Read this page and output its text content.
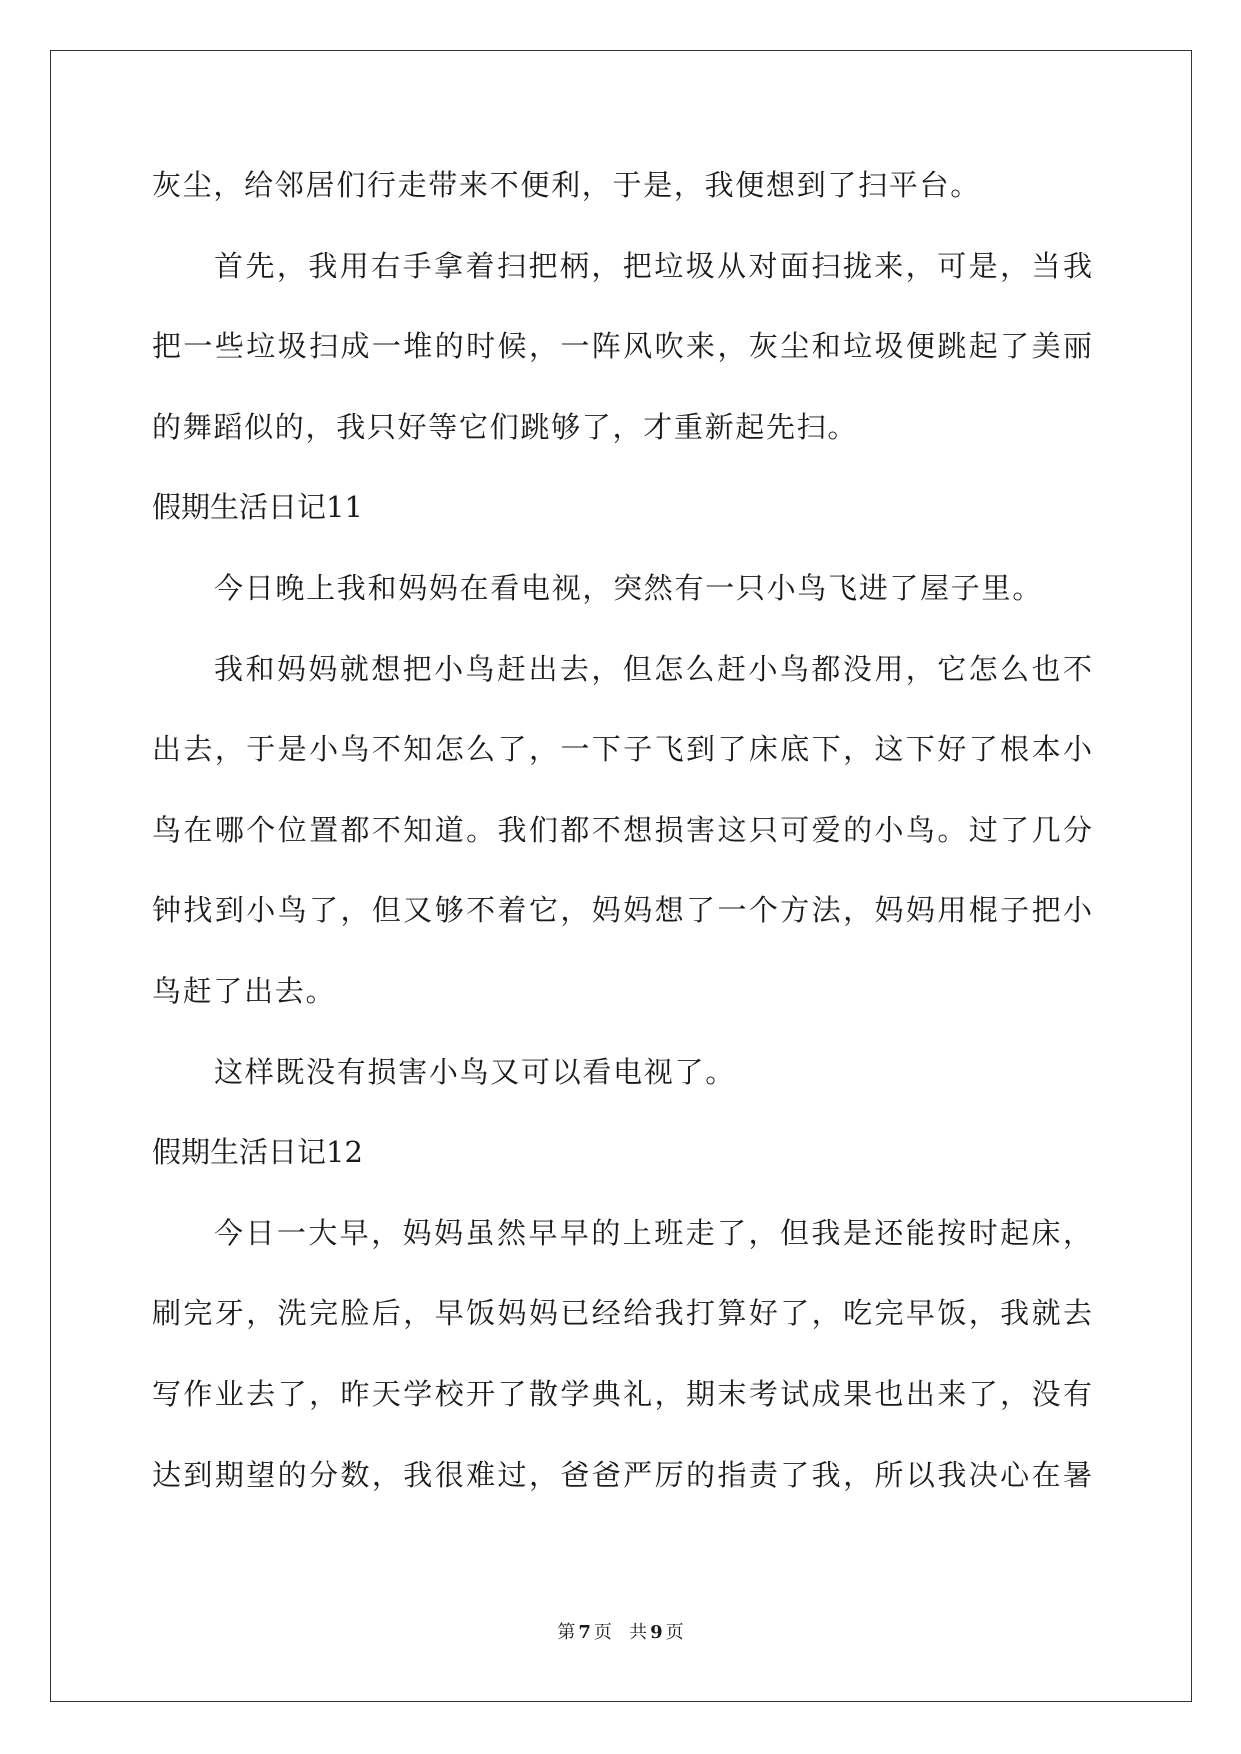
灰尘，给邻居们行走带来不便利，于是，我便想到了扫平台。
首先，我用右手拿着扫把柄，把垃圾从对面扫拢来，可是，当我
把一些垃圾扫成一堆的时候，一阵风吹来，灰尘和垃圾便跳起了美丽
的舞蹈似的，我只好等它们跳够了，才重新起先扫。
假期生活日记11
今日晚上我和妈妈在看电视，突然有一只小鸟飞进了屋子里。
我和妈妈就想把小鸟赶出去，但怎么赶小鸟都没用，它怎么也不
出去，于是小鸟不知怎么了，一下子飞到了床底下，这下好了根本小
鸟在哪个位置都不知道。我们都不想损害这只可爱的小鸟。过了几分
钟找到小鸟了，但又够不着它，妈妈想了一个方法，妈妈用棍子把小
鸟赶了出去。
这样既没有损害小鸟又可以看电视了。
假期生活日记12
今日一大早，妈妈虽然早早的上班走了，但我是还能按时起床，
刷完牙，洗完脸后，早饭妈妈已经给我打算好了，吃完早饭，我就去
写作业去了，昨天学校开了散学典礼，期末考试成果也出来了，没有
达到期望的分数，我很难过，爸爸严厉的指责了我，所以我决心在暑
第 7 页 共 9 页
